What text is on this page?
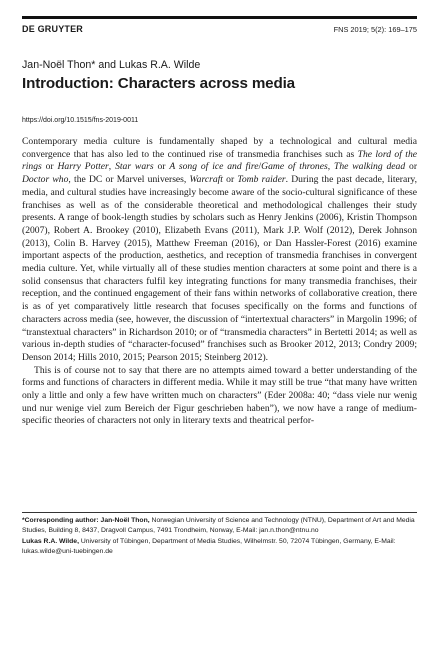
DE GRUYTER	FNS 2019; 5(2): 169–175
Jan-Noël Thon* and Lukas R.A. Wilde
Introduction: Characters across media
https://doi.org/10.1515/fns-2019-0011

Contemporary media culture is fundamentally shaped by a technological and cultural media convergence that has also led to the continued rise of transmedia franchises such as The lord of the rings or Harry Potter, Star wars or A song of ice and fire/Game of thrones, The walking dead or Doctor who, the DC or Marvel universes, Warcraft or Tomb raider. During the past decade, literary, media, and cultural studies have increasingly become aware of the socio-cultural significance of these franchises as well as of the considerable theoretical and methodological challenges their study presents. A range of book-length studies by scholars such as Henry Jenkins (2006), Kristin Thompson (2007), Robert A. Brookey (2010), Elizabeth Evans (2011), Mark J.P. Wolf (2012), Derek Johnson (2013), Colin B. Harvey (2015), Matthew Freeman (2016), or Dan Hassler-Forest (2016) examine important aspects of the production, aesthetics, and reception of transmedia franchises in convergent media culture. Yet, while virtually all of these studies mention characters at some point and there is a solid consensus that characters fulfil key integrating functions for many transmedia franchises, their reception, and the continued engagement of their fans within networks of collaborative creation, there is as of yet comparatively little research that focuses specifically on the forms and functions of characters across media (see, however, the discussion of “intertextual characters” in Margolin 1996; of “transtextual characters” in Richardson 2010; or of “transmedia characters” in Bertetti 2014; as well as various in-depth studies of “character-focused” franchises such as Brooker 2012, 2013; Condry 2009; Denson 2014; Hills 2010, 2015; Pearson 2015; Steinberg 2012).

This is of course not to say that there are no attempts aimed toward a better understanding of the forms and functions of characters in different media. While it may still be true “that many have written only a little and only a few have written much on characters” (Eder 2008a: 40; “dass viele nur wenig und nur wenige viel zum Bereich der Figur geschrieben haben”), we now have a range of medium-specific theories of characters not only in literary texts and theatrical perfor-

*Corresponding author: Jan-Noël Thon, Norwegian University of Science and Technology (NTNU), Department of Art and Media Studies, Building 8, 8437, Dragvoll Campus, 7491 Trondheim, Norway, E-Mail: jan.n.thon@ntnu.no

Lukas R.A. Wilde, University of Tübingen, Department of Media Studies, Wilhelmstr. 50, 72074 Tübingen, Germany, E-Mail: lukas.wilde@uni-tuebingen.de
